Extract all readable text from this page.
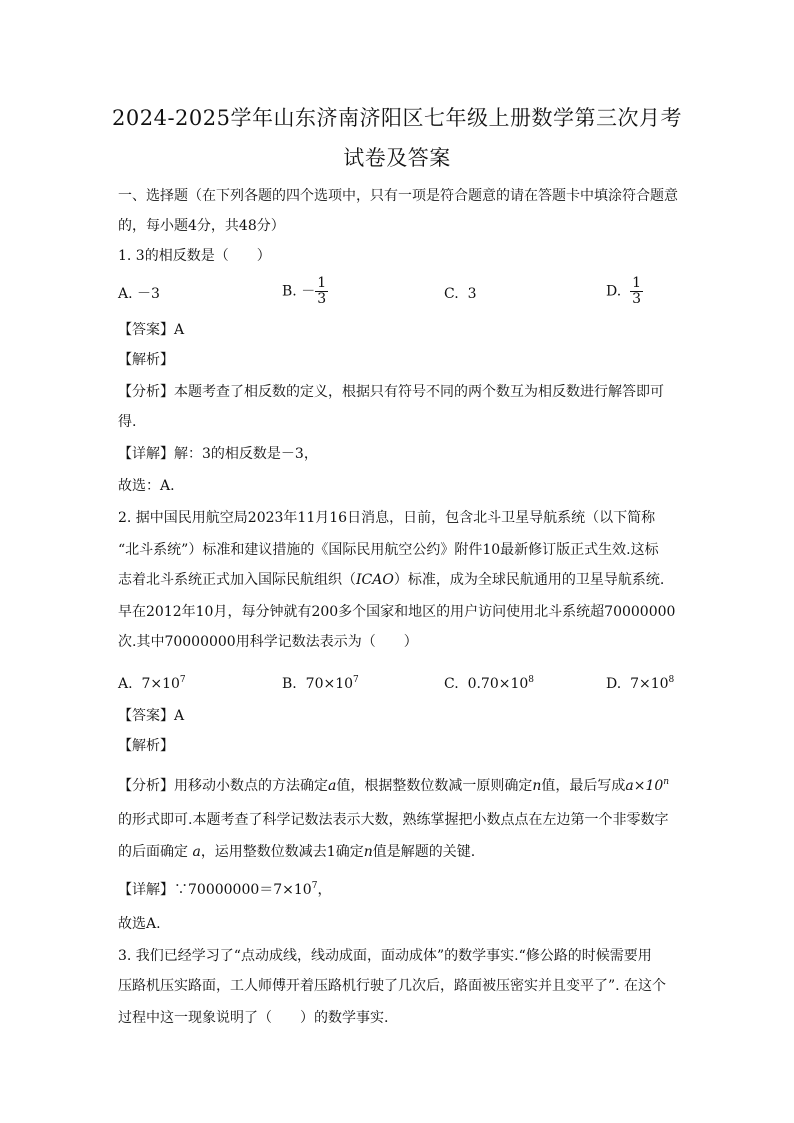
2024-2025学年山东济南济阳区七年级上册数学第三次月考
试卷及答案
一、选择题（在下列各题的四个选项中，只有一项是符合题意的请在答题卡中填涂符合题意
的，每小题4分，共48分）
1. 3的相反数是（　　）
A. －3	B. － $\frac{1}{3}$	C. 3	D. $\frac{1}{3}$
【答案】A
【解析】
【分析】本题考查了相反数的定义，根据只有符号不同的两个数互为相反数进行解答即可
得.
【详解】解：3的相反数是－3，
故选：A.
2. 据中国民用航空局2023年11月16日消息，日前，包含北斗卫星导航系统（以下简称
“北斗系统”）标准和建议措施的《国际民用航空公约》附件10最新修订版正式生效.这标
志着北斗系统正式加入国际民航组织（ICAO）标准，成为全球民航通用的卫星导航系统.
早在2012年10月，每分钟就有200多个国家和地区的用户访问使用北斗系统超70000000
次.其中70000000用科学记数法表示为（　　）
A. $7\times 10^7$	B. $70\times 10^7$	C. $0.70\times 10^8$	D. $7\times 10^8$
【答案】A
【解析】
【分析】用移动小数点的方法确定a值，根据整数位数减一原则确定n值，最后写成$a\times 10^n$
的形式即可.本题考查了科学记数法表示大数，熟练掌握把小数点点在左边第一个非零数字
的后面确定 a，运用整数位数减去1确定n值是解题的关键.
【详解】$\because 70000000=7\times 10^7$，
故选A.
3. 我们已经学习了“点动成线，线动成面，面动成体”的数学事实.“修公路的时候需要用
压路机压实路面，工人师傅开着压路机行驶了几次后，路面被压密实并且变平了”. 在这个
过程中这一现象说明了（　　）的数学事实.
